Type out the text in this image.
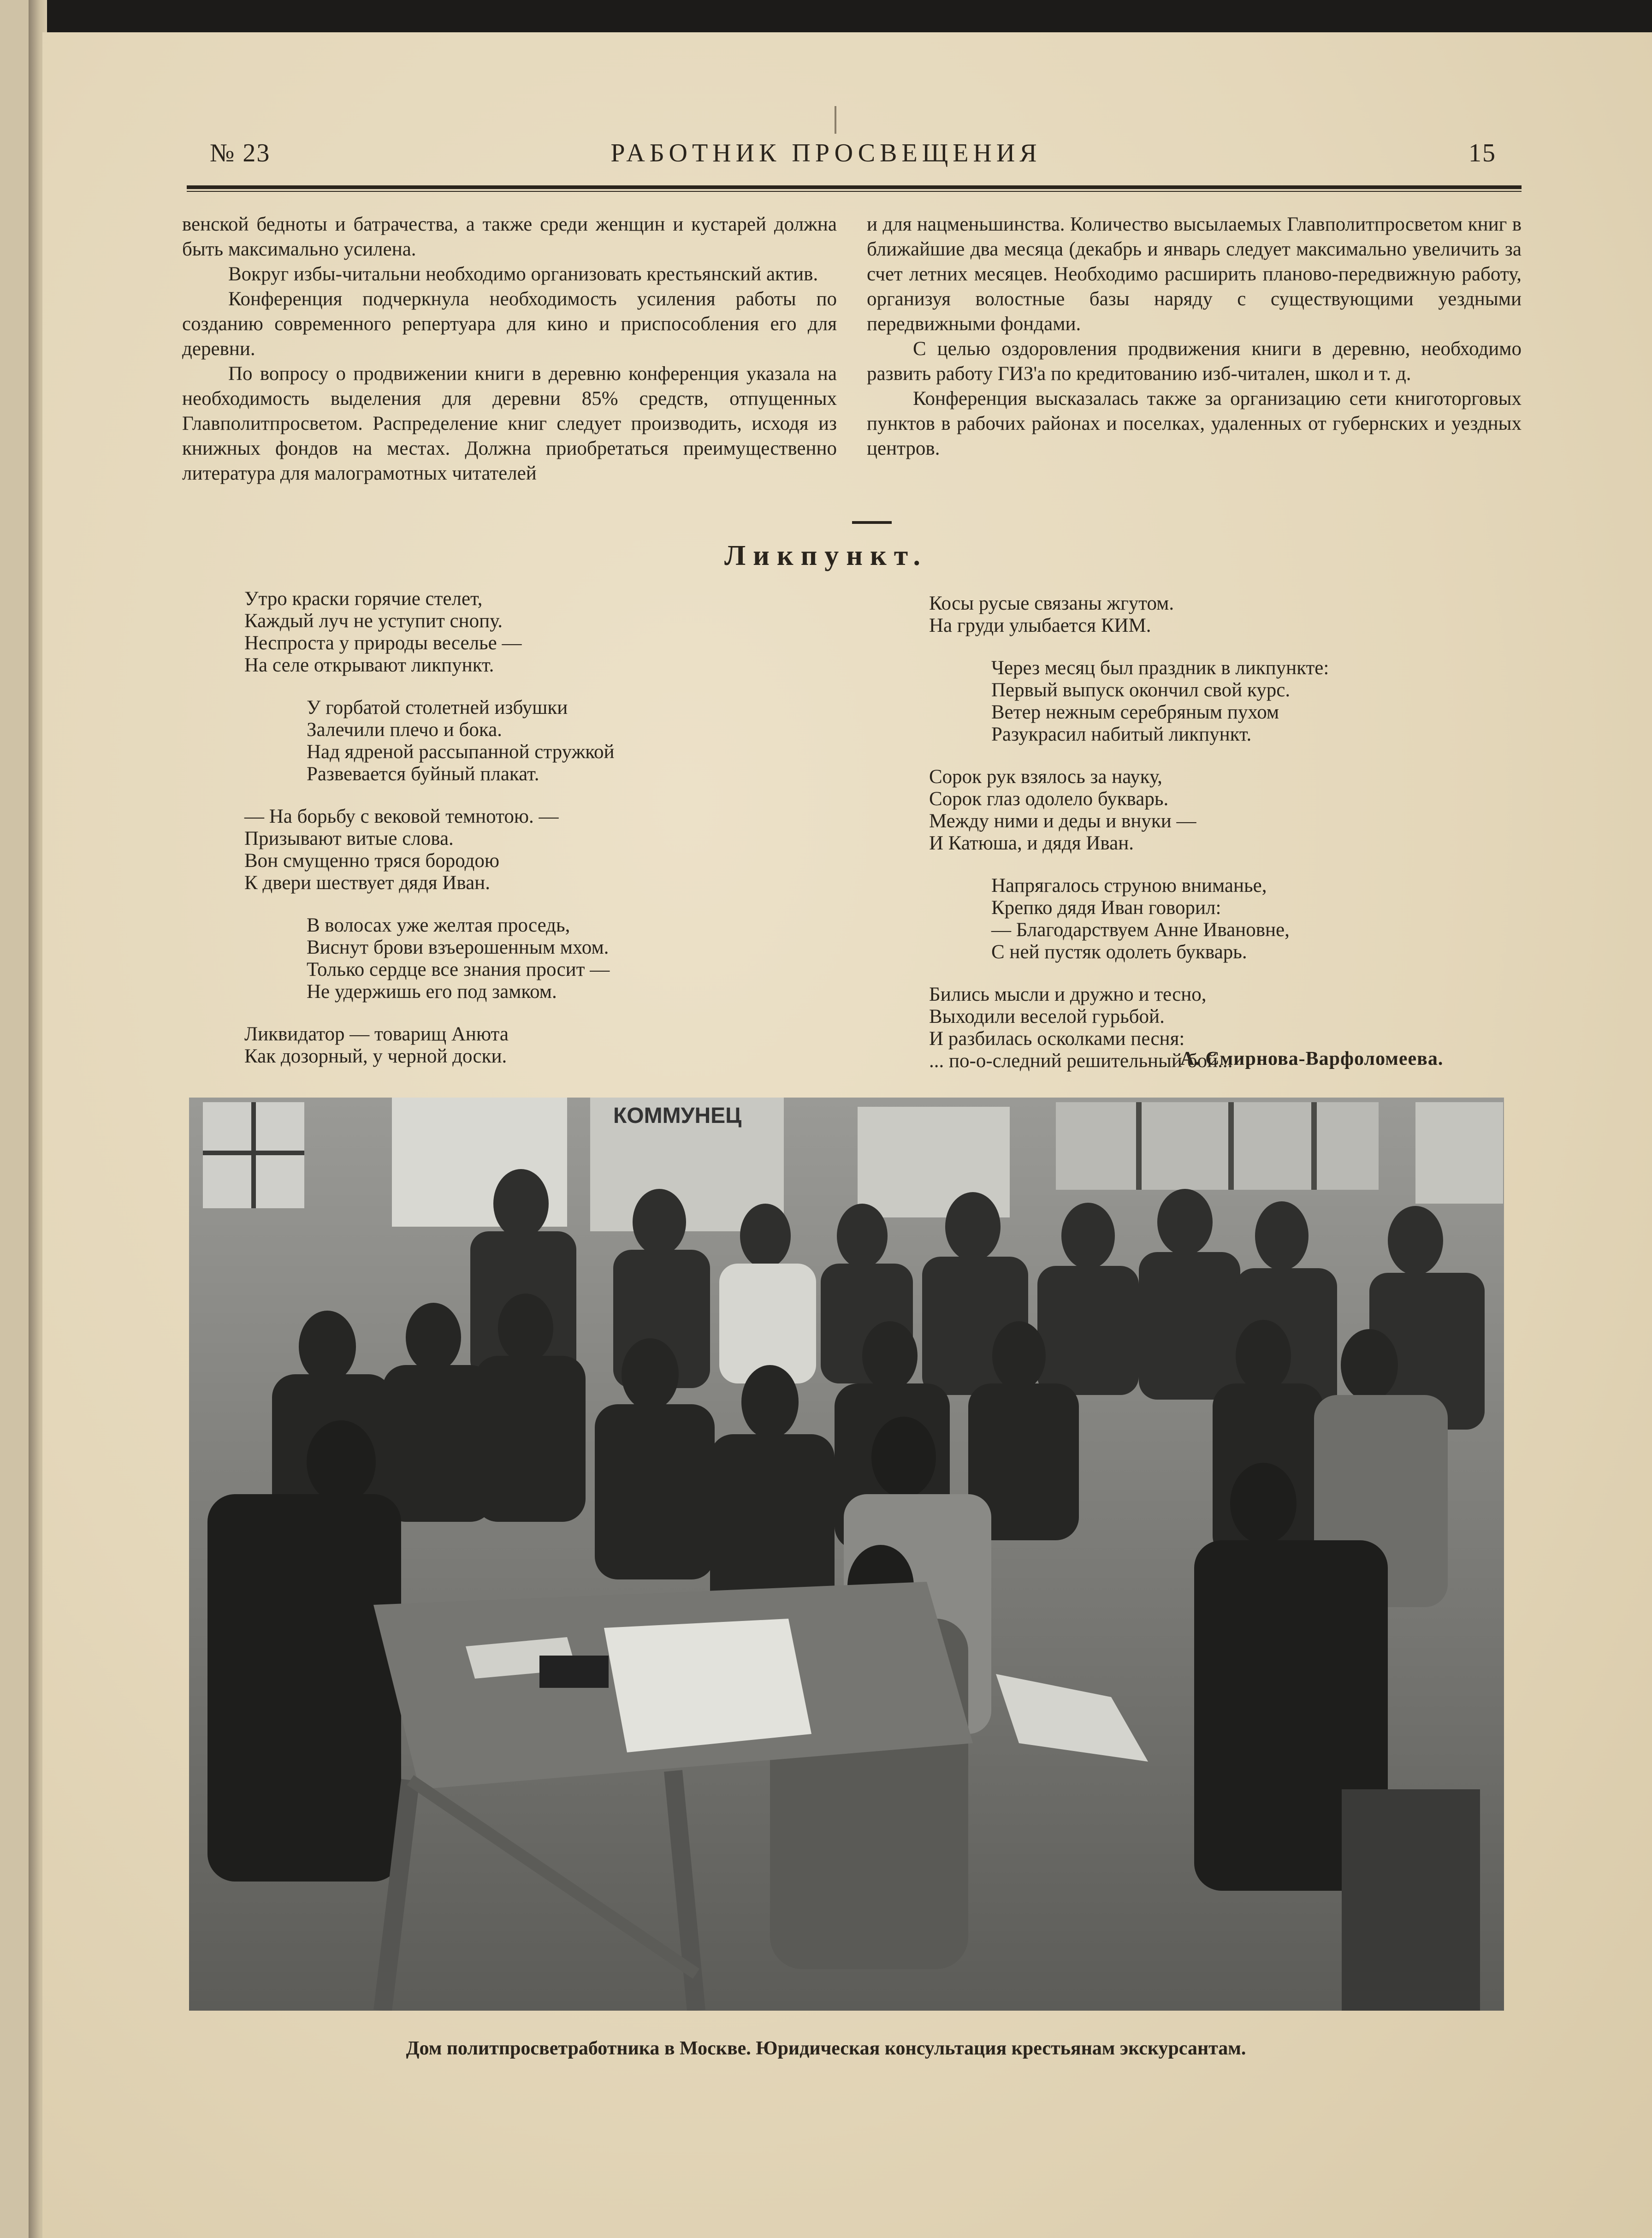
№ 23	РАБОТНИК ПРОСВЕЩЕНИЯ	15

венской бедноты и батрачества, а также среди женщин и кустарей должна быть максимально усилена.

Вокруг избы-читальни необходимо организовать крестьянский актив.

Конференция подчеркнула необходимость усиления работы по созданию современного репертуара для кино и приспособления его для деревни.

По вопросу о продвижении книги в деревню конференция указала на необходимость выделения для деревни 85% средств, отпущенных Главполитпросветом. Распределение книг следует производить, исходя из книжных фондов на местах. Должна приобретаться преимущественно литература для малограмотных читателей

и для нацменьшинства. Количество высылаемых Главполитпросветом книг в ближайшие два месяца (декабрь и январь следует максимально увеличить за счет летних месяцев. Необходимо расширить планово-передвижную работу, организуя волостные базы наряду с существующими уездными передвижными фондами.

С целью оздоровления продвижения книги в деревню, необходимо развить работу ГИЗ'а по кредитованию изб-читален, школ и т. д.

Конференция высказалась также за организацию сети книготорговых пунктов в рабочих районах и поселках, удаленных от губернских и уездных центров.

Ликпункт.
Утро краски горячие стелет,
Каждый луч не уступит снопу.
Неспроста у природы веселье —
На селе открывают ликпункт.
У горбатой столетней избушки
Залечили плечо и бока.
Над ядреной рассыпанной стружкой
Развевается буйный плакат.
— На борьбу с вековой темнотою. —
Призывают витые слова.
Вон смущенно тряся бородою
К двери шествует дядя Иван.
В волосах уже желтая проседь,
Виснут брови взъерошенным мхом.
Только сердце все знания просит —
Не удержишь его под замком.
Ликвидатор — товарищ Анюта
Как дозорный, у черной доски.
Косы русые связаны жгутом.
На груди улыбается КИМ.
Через месяц был праздник в ликпункте:
Первый выпуск окончил свой курс.
Ветер нежным серебряным пухом
Разукрасил набитый ликпункт.
Сорок рук взялось за науку,
Сорок глаз одолело букварь.
Между ними и деды и внуки —
И Катюша, и дядя Иван.
Напрягалось струною вниманье,
Крепко дядя Иван говорил:
— Благодарствуем Анне Ивановне,
С ней пустяк одолеть букварь.
Бились мысли и дружно и тесно,
Выходили веселой гурьбой.
И разбилась осколками песня:
... по-о-следний решительный бой...
А. Смирнова-Варфоломеева.
КОММУНЕЦ
Дом политпросветработника в Москве. Юридическая консультация крестьянам экскурсантам.
